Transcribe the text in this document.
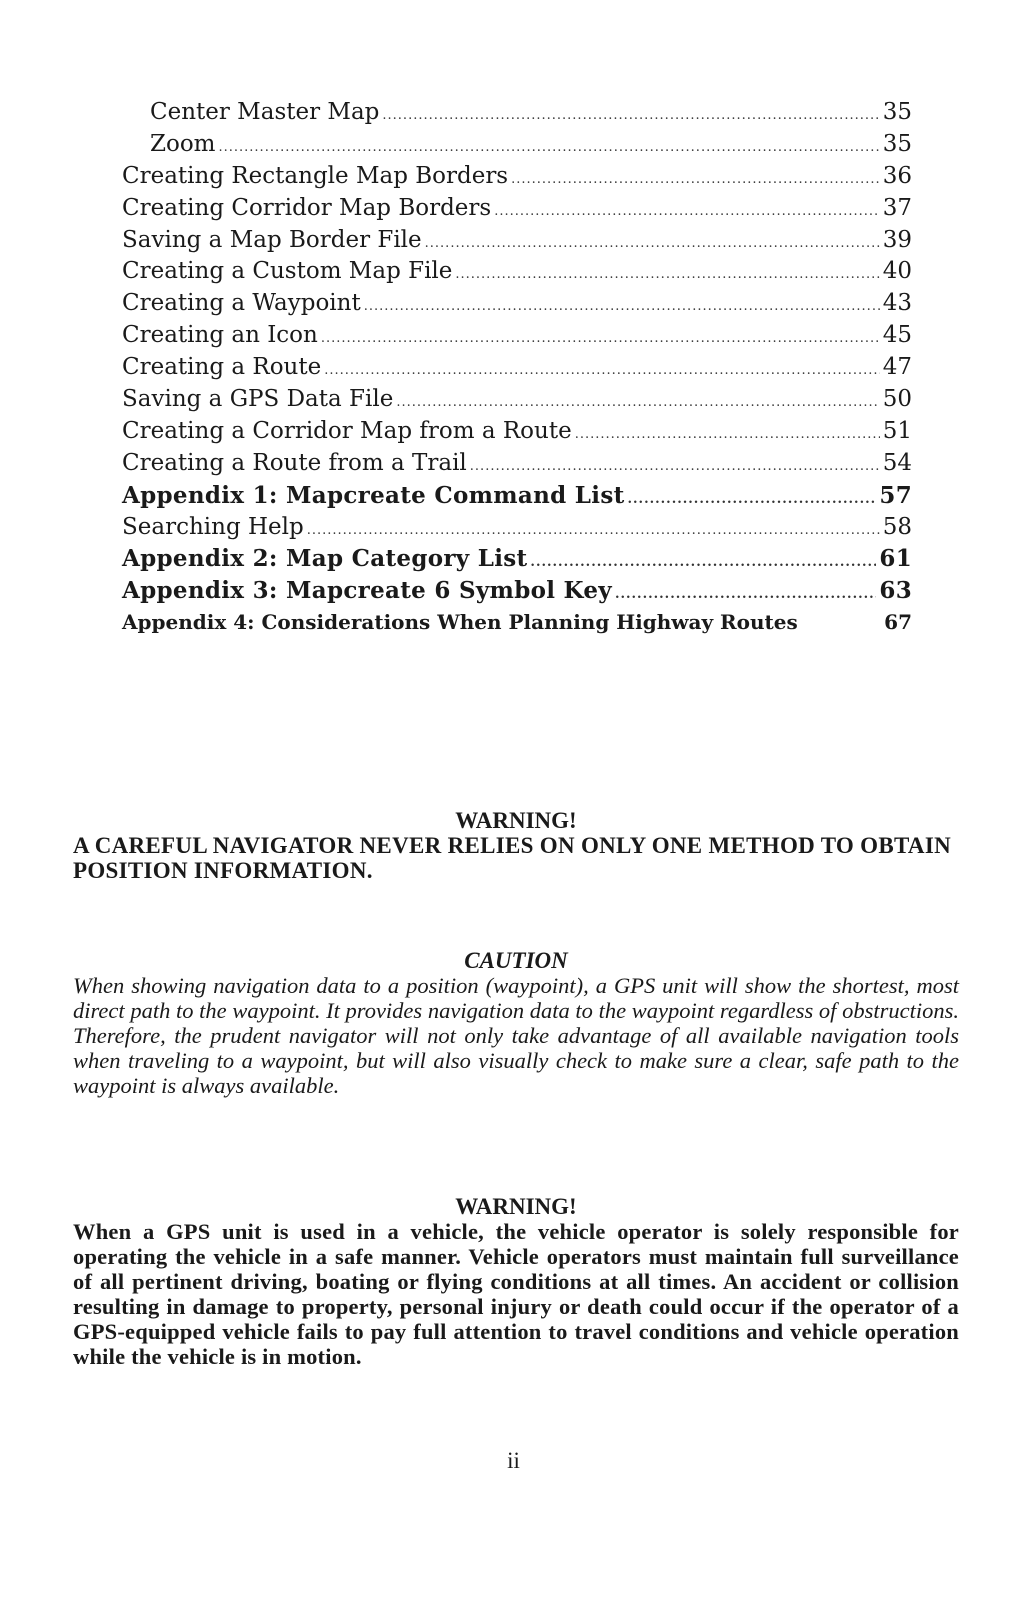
Center Master Map .....	35
Zoom .....	35
Creating Rectangle Map Borders .....	36
Creating Corridor Map Borders .....	37
Saving a Map Border File .....	39
Creating a Custom Map File .....	40
Creating a Waypoint .....	43
Creating an Icon .....	45
Creating a Route .....	47
Saving a GPS Data File .....	50
Creating a Corridor Map from a Route .....	51
Creating a Route from a Trail .....	54
Appendix 1: Mapcreate Command List .....	57
Searching Help .....	58
Appendix 2: Map Category List .....	61
Appendix 3: Mapcreate 6 Symbol Key .....	63
Appendix 4: Considerations When Planning Highway Routes	67
WARNING!
A CAREFUL NAVIGATOR NEVER RELIES ON ONLY ONE METHOD TO OBTAIN POSITION INFORMATION.
CAUTION
When showing navigation data to a position (waypoint), a GPS unit will show the shortest, most direct path to the waypoint. It provides navigation data to the waypoint regardless of obstructions. Therefore, the prudent navigator will not only take advantage of all available navigation tools when traveling to a waypoint, but will also visually check to make sure a clear, safe path to the waypoint is always available.
WARNING!
When a GPS unit is used in a vehicle, the vehicle operator is solely responsible for operating the vehicle in a safe manner. Vehicle operators must maintain full surveillance of all pertinent driving, boating or flying conditions at all times. An accident or collision resulting in damage to property, personal injury or death could occur if the operator of a GPS-equipped vehicle fails to pay full attention to travel conditions and vehicle operation while the vehicle is in motion.
ii
